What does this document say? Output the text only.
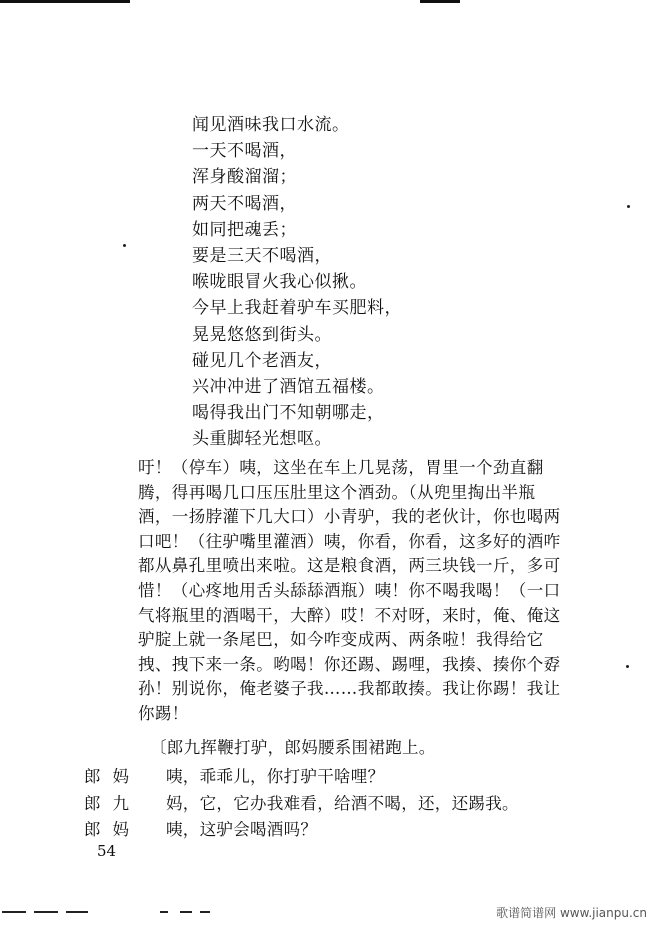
闻见酒味我口水流。
一天不喝酒，
浑身酸溜溜；
两天不喝酒，
如同把魂丢；
要是三天不喝酒，
喉咙眼冒火我心似揪。
今早上我赶着驴车买肥料，
晃晃悠悠到街头。
碰见几个老酒友，
兴冲冲进了酒馆五福楼。
喝得我出门不知朝哪走，
头重脚轻光想呕。

吁！（停车）咦，这坐在车上几晃荡，胃里一个劲直翻腾，得再喝几口压压肚里这个酒劲。（从兜里掏出半瓶酒，一扬脖灌下几大口）小青驴，我的老伙计，你也喝两口吧！（往驴嘴里灌酒）咦，你看，你看，这多好的酒咋都从鼻孔里喷出来啦。这是粮食酒，两三块钱一斤，多可惜！（心疼地用舌头舔舔酒瓶）咦！你不喝我喝！（一口气将瓶里的酒喝干，大醉）哎！不对呀，来时，俺、俺这驴腚上就一条尾巴，如今咋变成两、两条啦！我得给它拽、拽下来一条。哟喝！你还踢、踢哩，我揍、揍你个孬孙！别说你，俺老婆子我……我都敢揍。我让你踢！我让你踢！

〔郎九挥鞭打驴，郎妈腰系围裙跑上。
郎妈 咦，乖乖儿，你打驴干啥哩？
郎九 妈，它，它办我难看，给酒不喝，还，还踢我。
郎妈 咦，这驴会喝酒吗？
54
歌谱简谱网 www.jianpu.cn
